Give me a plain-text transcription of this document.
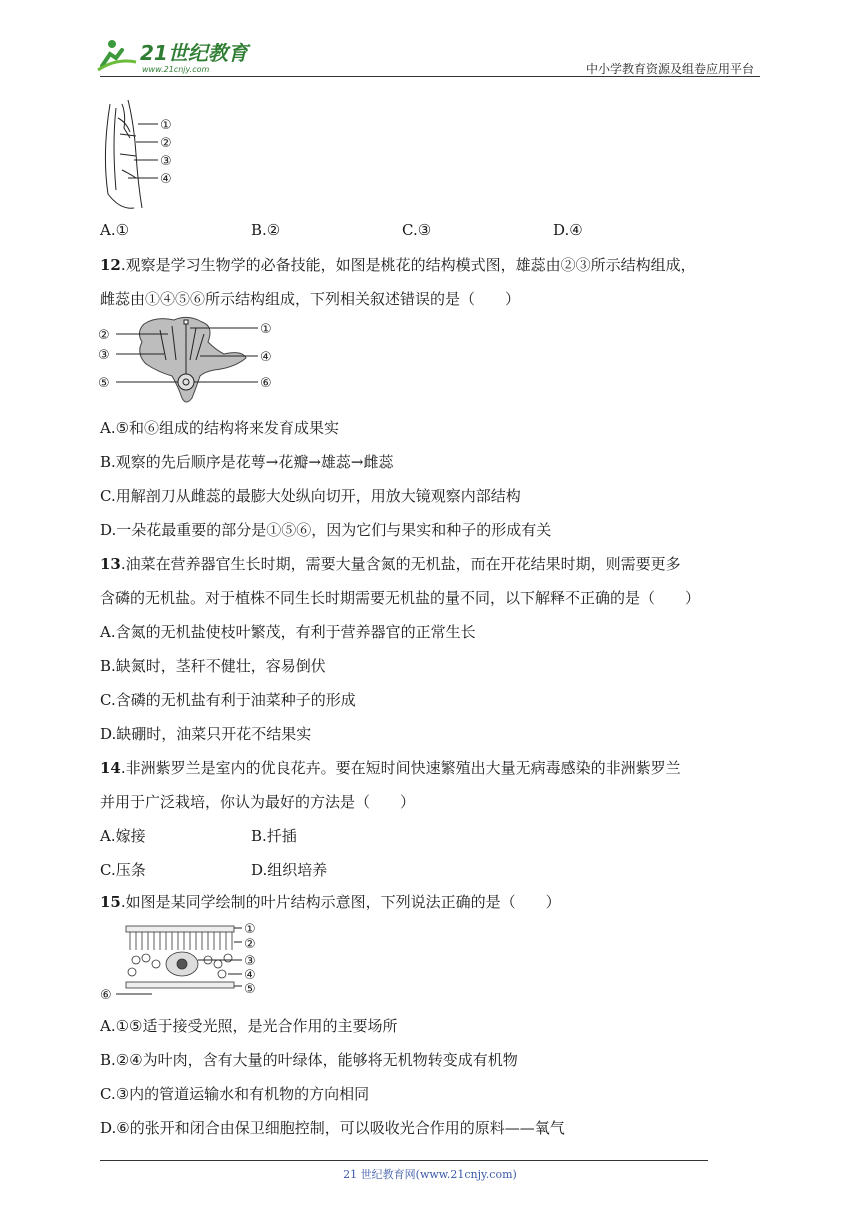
21世纪教育
www.21cnjy.com	中小学教育资源及组卷应用平台
①
②
③
④
A.①	B.②	C.③	D.④
12.观察是学习生物学的必备技能，如图是桃花的结构模式图，雄蕊由②③所示结构组成，
雌蕊由①④⑤⑥所示结构组成，下列相关叙述错误的是（　　）
②
③
⑤
①
④
⑥
A.⑤和⑥组成的结构将来发育成果实
B.观察的先后顺序是花萼→花瓣→雄蕊→雌蕊
C.用解剖刀从雌蕊的最膨大处纵向切开，用放大镜观察内部结构
D.一朵花最重要的部分是①⑤⑥，因为它们与果实和种子的形成有关
13.油菜在营养器官生长时期，需要大量含氮的无机盐，而在开花结果时期，则需要更多
含磷的无机盐。对于植株不同生长时期需要无机盐的量不同，以下解释不正确的是（　　）
A.含氮的无机盐使枝叶繁茂，有利于营养器官的正常生长
B.缺氮时，茎秆不健壮，容易倒伏
C.含磷的无机盐有利于油菜种子的形成
D.缺硼时，油菜只开花不结果实
14.非洲紫罗兰是室内的优良花卉。要在短时间快速繁殖出大量无病毒感染的非洲紫罗兰
并用于广泛栽培，你认为最好的方法是（　　）
A.嫁接	B.扦插
C.压条	D.组织培养
15.如图是某同学绘制的叶片结构示意图，下列说法正确的是（　　）
①
②
③
④
⑤
⑥
A.①⑤适于接受光照，是光合作用的主要场所
B.②④为叶肉，含有大量的叶绿体，能够将无机物转变成有机物
C.③内的管道运输水和有机物的方向相同
D.⑥的张开和闭合由保卫细胞控制，可以吸收光合作用的原料——氧气
21 世纪教育网(www.21cnjy.com)
